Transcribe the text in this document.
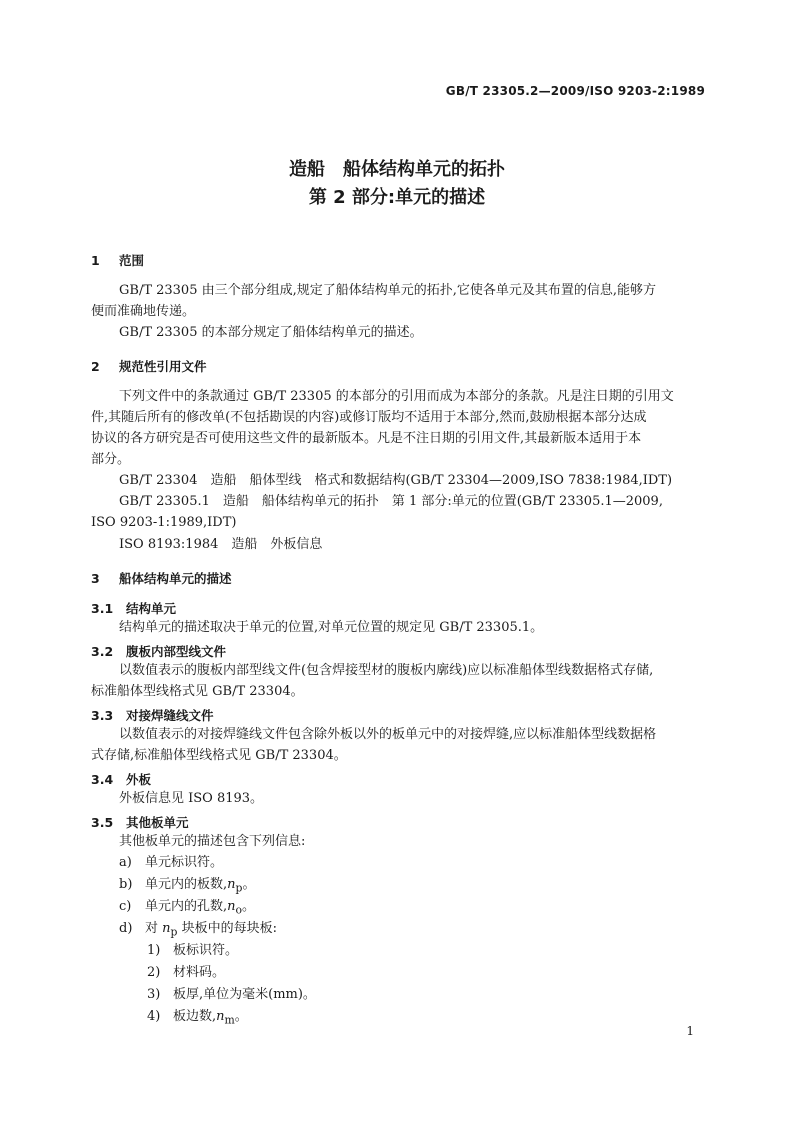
GB/T 23305.2—2009/ISO 9203-2:1989
造船　船体结构单元的拓扑
第 2 部分:单元的描述
1 范围
GB/T 23305 由三个部分组成,规定了船体结构单元的拓扑,它使各单元及其布置的信息,能够方
便而准确地传递。
GB/T 23305 的本部分规定了船体结构单元的描述。
2 规范性引用文件
下列文件中的条款通过 GB/T 23305 的本部分的引用而成为本部分的条款。凡是注日期的引用文
件,其随后所有的修改单(不包括勘误的内容)或修订版均不适用于本部分,然而,鼓励根据本部分达成
协议的各方研究是否可使用这些文件的最新版本。凡是不注日期的引用文件,其最新版本适用于本
部分。
GB/T 23304　造船　船体型线　格式和数据结构(GB/T 23304—2009,ISO 7838:1984,IDT)
GB/T 23305.1　造船　船体结构单元的拓扑　第 1 部分:单元的位置(GB/T 23305.1—2009,
ISO 9203-1:1989,IDT)
ISO 8193:1984　造船　外板信息
3 船体结构单元的描述
3.1 结构单元
结构单元的描述取决于单元的位置,对单元位置的规定见 GB/T 23305.1。
3.2 腹板内部型线文件
以数值表示的腹板内部型线文件(包含焊接型材的腹板内廓线)应以标准船体型线数据格式存储,
标准船体型线格式见 GB/T 23304。
3.3 对接焊缝线文件
以数值表示的对接焊缝线文件包含除外板以外的板单元中的对接焊缝,应以标准船体型线数据格
式存储,标准船体型线格式见 GB/T 23304。
3.4 外板
外板信息见 ISO 8193。
3.5 其他板单元
其他板单元的描述包含下列信息:
a) 单元标识符。
b) 单元内的板数$,n_p$。
c) 单元内的孔数$,n_o$。
d) 对 $n_p$ 块板中的每块板:
1) 板标识符。
2) 材料码。
3) 板厚,单位为毫米(mm)。
4) 板边数$,n_m$。
1
